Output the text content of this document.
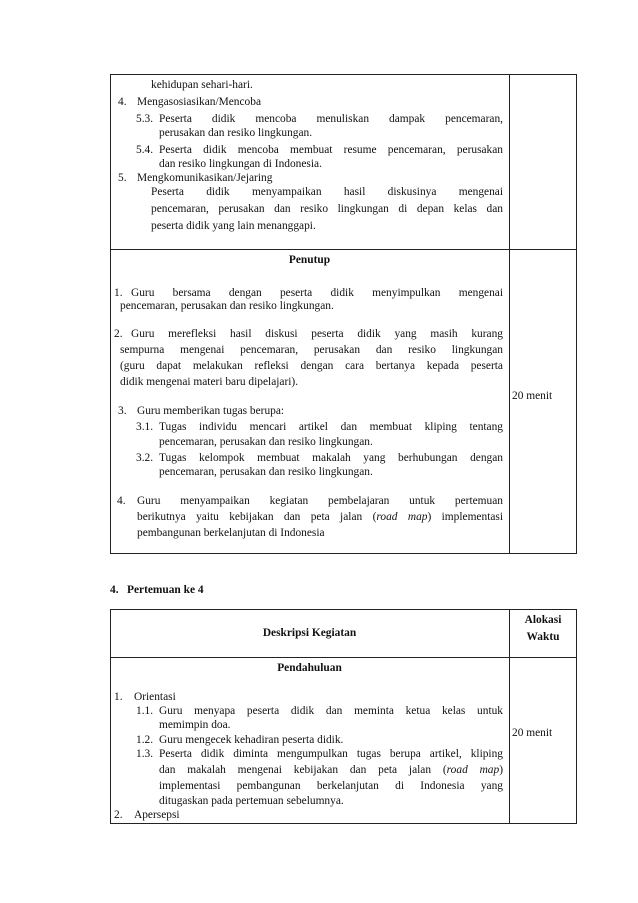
kehidupan sehari-hari.
4. Mengasosiasikan/Mencoba
5.3. Peserta didik mencoba menuliskan dampak pencemaran,
perusakan dan resiko lingkungan.
5.4. Peserta didik mencoba membuat resume pencemaran, perusakan
dan resiko lingkungan di Indonesia.
5. Mengkomunikasikan/Jejaring
Peserta didik menyampaikan hasil diskusinya mengenai
pencemaran, perusakan dan resiko lingkungan di depan kelas dan
peserta didik yang lain menanggapi.
Penutup
1. Guru bersama dengan peserta didik menyimpulkan mengenai
pencemaran, perusakan dan resiko lingkungan.
2. Guru merefleksi hasil diskusi peserta didik yang masih kurang
sempurna mengenai pencemaran, perusakan dan resiko lingkungan
(guru dapat melakukan refleksi dengan cara bertanya kepada peserta
didik mengenai materi baru dipelajari).
3. Guru memberikan tugas berupa:
3.1. Tugas individu mencari artikel dan membuat kliping tentang
pencemaran, perusakan dan resiko lingkungan.
3.2. Tugas kelompok membuat makalah yang berhubungan dengan
pencemaran, perusakan dan resiko lingkungan.
4. Guru menyampaikan kegiatan pembelajaran untuk pertemuan
berikutnya yaitu kebijakan dan peta jalan (road map) implementasi
pembangunan berkelanjutan di Indonesia
20 menit
4. Pertemuan ke 4
Deskripsi Kegiatan
Alokasi
Waktu
Pendahuluan
1. Orientasi
1.1. Guru menyapa peserta didik dan meminta ketua kelas untuk
memimpin doa.
1.2. Guru mengecek kehadiran peserta didik.
1.3. Peserta didik diminta mengumpulkan tugas berupa artikel, kliping
dan makalah mengenai kebijakan dan peta jalan (road map)
implementasi pembangunan berkelanjutan di Indonesia yang
ditugaskan pada pertemuan sebelumnya.
2. Apersepsi
20 menit
